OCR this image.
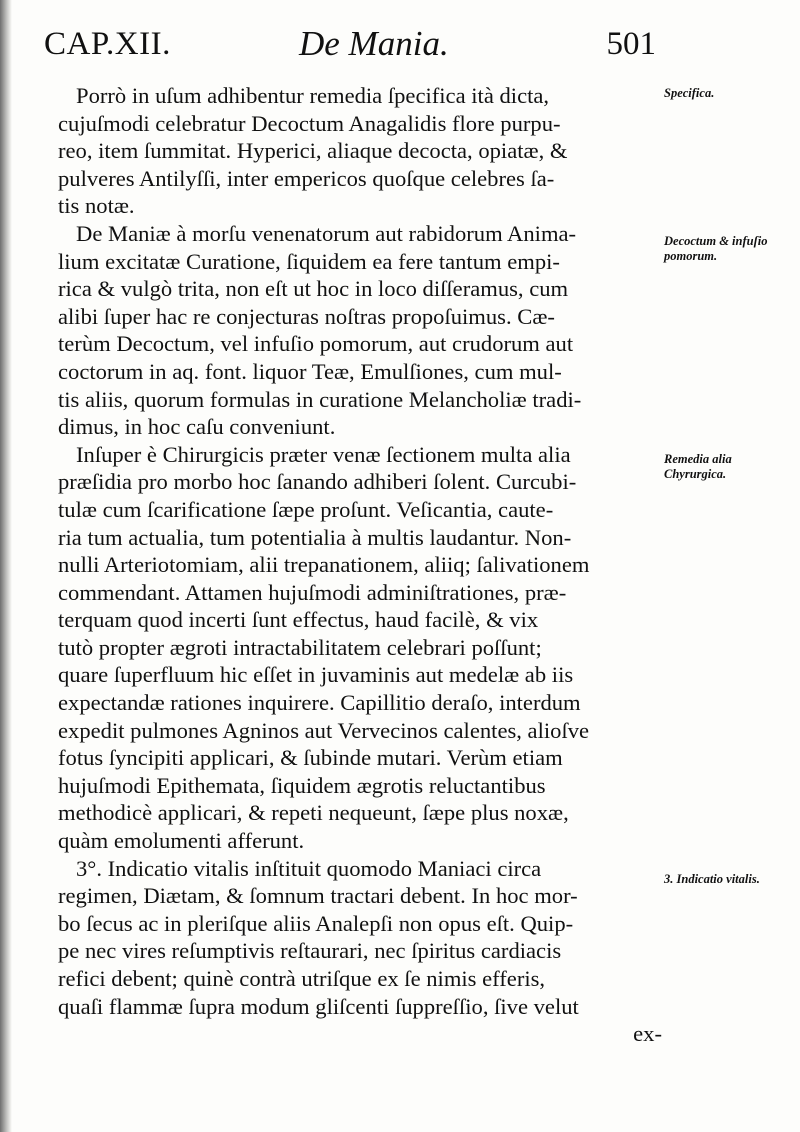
CAP.XII.	De Mania.	501
Porrò in uſum adhibentur remedia ſpecifica ità dicta,
cujuſmodi celebratur Decoctum Anagalidis flore purpu-
reo, item ſummitat. Hyperici, aliaque decocta, opiatæ, &
pulveres Antilyſſi, inter empericos quoſque celebres ſa-
tis notæ.
De Maniæ à morſu venenatorum aut rabidorum Anima-
lium excitatæ Curatione, ſiquidem ea fere tantum empi-
rica & vulgò trita, non eſt ut hoc in loco diſſeramus, cum
alibi ſuper hac re conjecturas noſtras propoſuimus. Cæ-
terùm Decoctum, vel infuſio pomorum, aut crudorum aut
coctorum in aq. font. liquor Teæ, Emulſiones, cum mul-
tis aliis, quorum formulas in curatione Melancholiæ tradi-
dimus, in hoc caſu conveniunt.
Inſuper è Chirurgicis præter venæ ſectionem multa alia
præſidia pro morbo hoc ſanando adhiberi ſolent. Curcubi-
tulæ cum ſcarificatione ſæpe proſunt. Veſicantia, caute-
ria tum actualia, tum potentialia à multis laudantur. Non-
nulli Arteriotomiam, alii trepanationem, aliiq; ſalivationem
commendant. Attamen hujuſmodi adminiſtrationes, præ-
terquam quod incerti ſunt effectus, haud facilè, & vix
tutò propter ægroti intractabilitatem celebrari poſſunt;
quare ſuperfluum hic eſſet in juvaminis aut medelæ ab iis
expectandæ rationes inquirere. Capillitio deraſo, interdum
expedit pulmones Agninos aut Vervecinos calentes, alioſve
fotus ſyncipiti applicari, & ſubinde mutari. Verùm etiam
hujuſmodi Epithemata, ſiquidem ægrotis reluctantibus
methodicè applicari, & repeti nequeunt, ſæpe plus noxæ,
quàm emolumenti afferunt.
3°. Indicatio vitalis inſtituit quomodo Maniaci circa
regimen, Diætam, & ſomnum tractari debent. In hoc mor-
bo ſecus ac in pleriſque aliis Analepſi non opus eſt. Quip-
pe nec vires reſumptivis reſtaurari, nec ſpiritus cardiacis
refici debent; quinè contrà utriſque ex ſe nimis efferis,
quaſi flammæ ſupra modum gliſcenti ſuppreſſio, ſive velut
ex-
Specifica.
Decoctum & infuſio pomorum.
Remedia alia Chyrurgica.
3. Indicatio vitalis.
